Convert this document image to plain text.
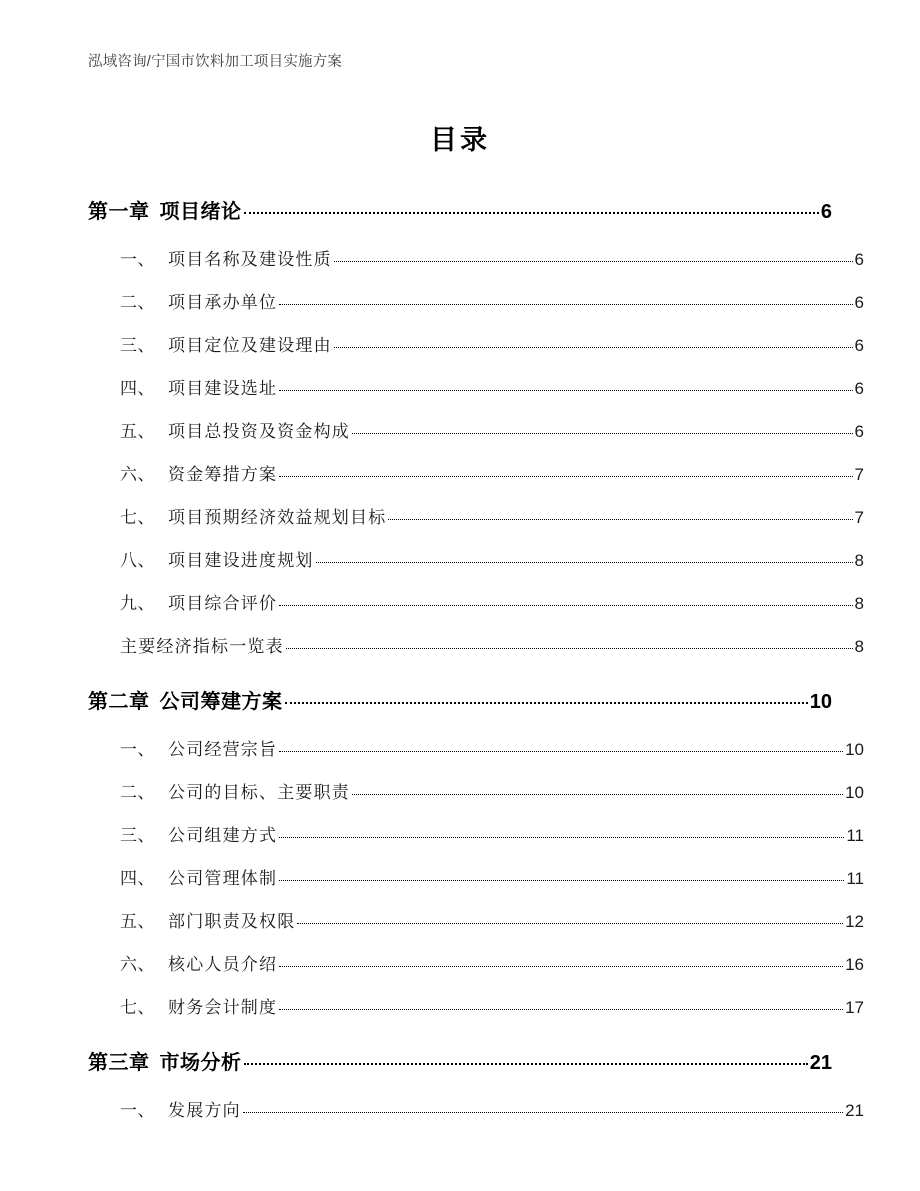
泓域咨询/宁国市饮料加工项目实施方案
目录
第一章 项目绪论	6
一、 项目名称及建设性质	6
二、 项目承办单位	6
三、 项目定位及建设理由	6
四、 项目建设选址	6
五、 项目总投资及资金构成	6
六、 资金筹措方案	7
七、 项目预期经济效益规划目标	7
八、 项目建设进度规划	8
九、 项目综合评价	8
主要经济指标一览表	8
第二章 公司筹建方案	10
一、 公司经营宗旨	10
二、 公司的目标、主要职责	10
三、 公司组建方式	11
四、 公司管理体制	11
五、 部门职责及权限	12
六、 核心人员介绍	16
七、 财务会计制度	17
第三章 市场分析	21
一、 发展方向	21
